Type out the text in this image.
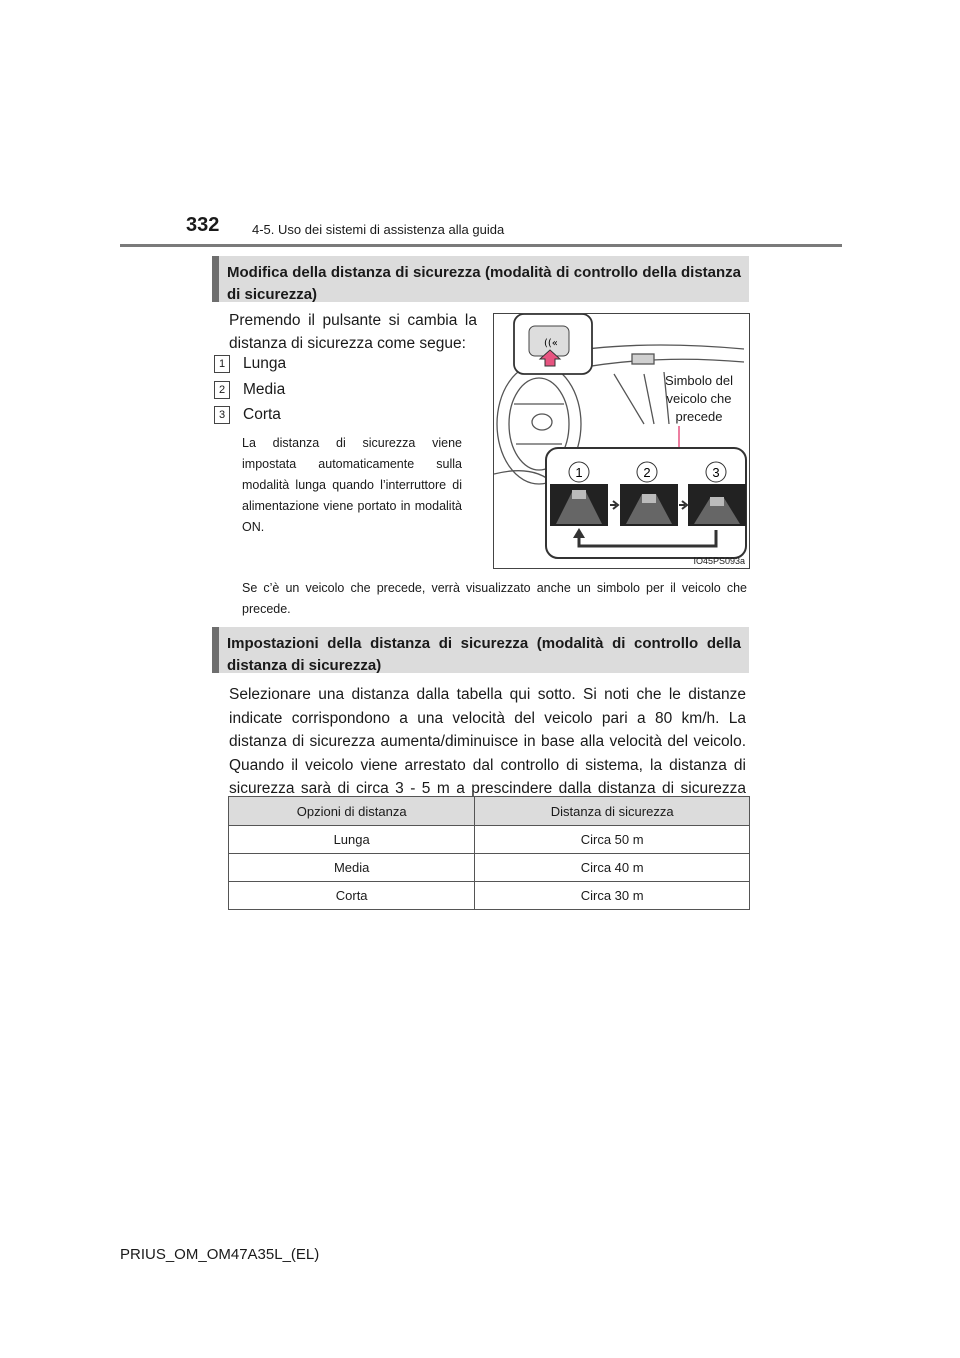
332	4-5. Uso dei sistemi di assistenza alla guida
Modifica della distanza di sicurezza (modalità di controllo della distanza di sicurezza)
Premendo il pulsante si cambia la distanza di sicurezza come segue:
1 Lunga
2 Media
3 Corta
La distanza di sicurezza viene impostata automaticamente sulla modalità lunga quando l’interruttore di alimentazione viene portato in modalità ON.
((«
1	2	3
Simbolo del veicolo che precede
IO45PS093a
Se c’è un veicolo che precede, verrà visualizzato anche un simbolo per il veicolo che precede.
Impostazioni della distanza di sicurezza (modalità di controllo della distanza di sicurezza)
Selezionare una distanza dalla tabella qui sotto. Si noti che le distanze indicate corrispondono a una velocità del veicolo pari a 80 km/h. La distanza di sicurezza aumenta/diminuisce in base alla velocità del veicolo. Quando il veicolo viene arrestato dal controllo di sistema, la distanza di sicurezza sarà di circa 3 - 5 m a prescindere dalla distanza di sicurezza
Opzioni di distanza	Distanza di sicurezza
Lunga	Circa 50 m
Media	Circa 40 m
Corta	Circa 30 m
PRIUS_OM_OM47A35L_(EL)
